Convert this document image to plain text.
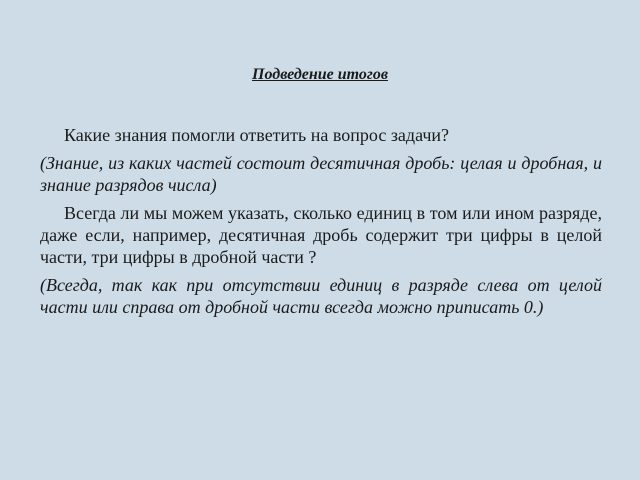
Подведение итогов

Какие знания помогли ответить на вопрос задачи?

(Знание, из каких частей состоит десятичная дробь: целая и дробная, и знание разрядов числа)

Всегда ли мы можем указать, сколько единиц в том или ином разряде, даже если, например, десятичная дробь содержит три цифры в целой части, три цифры в дробной части ?

(Всегда, так как при отсутствии единиц в разряде слева от целой части или справа от дробной части всегда можно приписать 0.)
